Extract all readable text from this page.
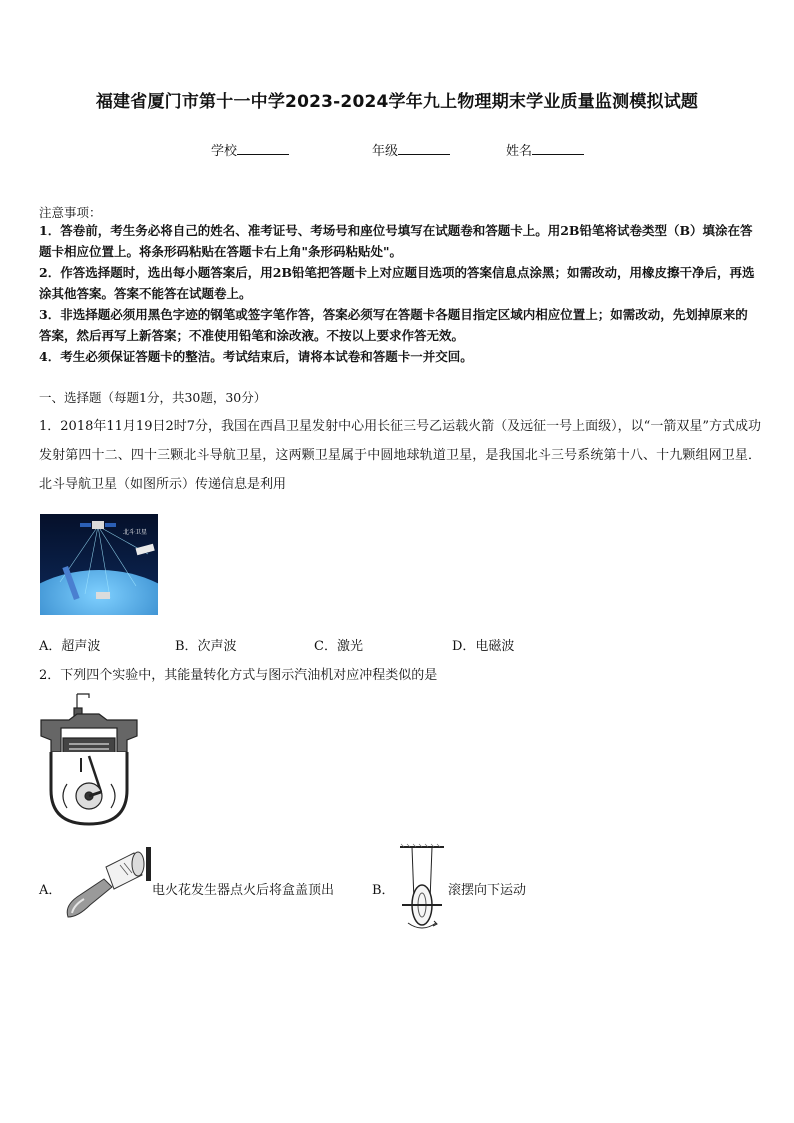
福建省厦门市第十一中学2023-2024学年九上物理期末学业质量监测模拟试题
学校	年级	姓名
注意事项：
1．答卷前，考生务必将自己的姓名、准考证号、考场号和座位号填写在试题卷和答题卡上。用2B铅笔将试卷类型（B）填涂在答题卡相应位置上。将条形码粘贴在答题卡右上角"条形码粘贴处"。
2．作答选择题时，选出每小题答案后，用2B铅笔把答题卡上对应题目选项的答案信息点涂黑；如需改动，用橡皮擦干净后，再选涂其他答案。答案不能答在试题卷上。
3．非选择题必须用黑色字迹的钢笔或签字笔作答，答案必须写在答题卡各题目指定区域内相应位置上；如需改动，先划掉原来的答案，然后再写上新答案；不准使用铅笔和涂改液。不按以上要求作答无效。
4．考生必须保证答题卡的整洁。考试结束后，请将本试卷和答题卡一并交回。
一、选择题（每题1分，共30题，30分）
1．2018年11月19日2时7分，我国在西昌卫星发射中心用长征三号乙运载火箭（及远征一号上面级），以“一箭双星”方式成功发射第四十二、四十三颗北斗导航卫星，这两颗卫星属于中圆地球轨道卫星，是我国北斗三号系统第十八、十九颗组网卫星．北斗导航卫星（如图所示）传递信息是利用
北斗卫星
A．超声波	B．次声波	C．激光	D．电磁波
2．下列四个实验中，其能量转化方式与图示汽油机对应冲程类似的是
A．	电火花发生器点火后将盒盖顶出	B．	滚摆向下运动
